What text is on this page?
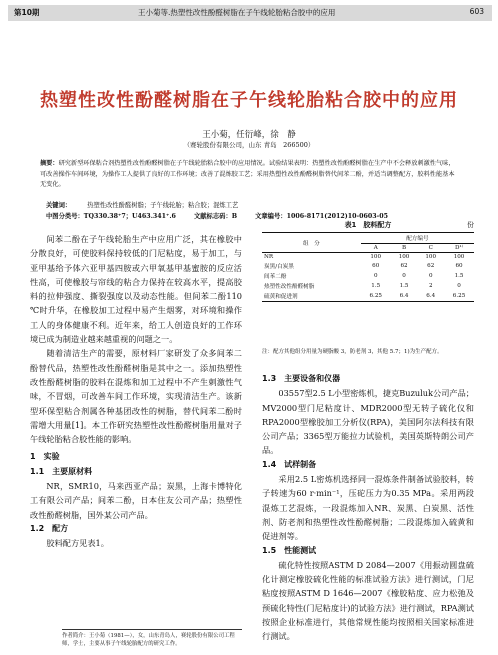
第10期	王小菊等.热塑性改性酚醛树脂在子午线轮胎粘合胶中的应用	603
热塑性改性酚醛树脂在子午线轮胎粘合胶中的应用
王小菊，任衍峰，徐　静
（赛轮股份有限公司，山东 青岛　266500）
摘要：研究新型环保粘合剂热塑性改性酚醛树脂在子午线轮胎粘合胶中的应用情况。试验结果表明：热塑性改性酚醛树脂在生产中不会释放刺激性气味，可改善操作车间环境，为操作工人提供了良好的工作环境；改善了混炼胶工艺；采用热塑性改性酚醛树脂替代间苯二酚，并适当调整配方，胶料性能基本无变化。
关键词：	热塑性改性酚醛树脂；子午线轮胎；粘合胶；混炼工艺
中图分类号：TQ330.38⁺7；U463.341⁺.6	文献标志码：B	文章编号：1006-8171(2012)10-0603-05

间苯二酚在子午线轮胎生产中应用广泛，其在橡胶中分散良好，可使胶料保持较低的门尼粘度，易于加工，与亚甲基给予体六亚甲基四胺或六甲氧基甲基蜜胺的反应活性高，可使橡胶与帘线的粘合力保持在较高水平，提高胶料的拉伸强度、撕裂强度以及动态性能。但间苯二酚110 ℃时升华，在橡胶加工过程中易产生烟雾，对环境和操作工人的身体健康不利。近年来，给工人创造良好的工作环境已成为制造业越来越重视的问题之一。

随着清洁生产的需要，原材料厂家研发了众多间苯二酚替代品，热塑性改性酚醛树脂是其中之一。添加热塑性改性酚醛树脂的胶料在混炼和加工过程中不产生刺激性气味，不冒烟，可改善车间工作环境，实现清洁生产。该新型环保型粘合剂属各种基团改性的树脂，替代间苯二酚时需增大用量[1]。本工作研究热塑性改性酚醛树脂用量对子午线轮胎粘合胶性能的影响。

1　实验
1.1　主要原材料

NR，SMR10，马来西亚产品；炭黑，上海卡博特化工有限公司产品；间苯二酚，日本住友公司产品；热塑性改性酚醛树脂，国外某公司产品。

1.2　配方

胶料配方见表1。

作者简介：王小菊（1981—），女，山东青岛人，赛轮股份有限公司工程师，学士，主要从事子午线轮胎配方的研究工作。
表1　胶料配方	份
组　分	配方编号			
	A	B	C	D¹⁾
NR	100	100	100	100
炭黑/白炭黑	60	62	62	60
间苯二酚	0	0	0	1.5
热塑性改性酚醛树脂	1.5	1.5	2	0
硫黄和促进剂	6.25	6.4	6.4	6.25
注：配方其他组分用量为硬脂酸 3，防老剂 3，其他 5.7；1)为生产配方。
1.3　主要设备和仪器

03557型2.5 L小型密炼机，捷克Buzuluk公司产品；MV2000型门尼粘度计、MDR2000型无转子硫化仪和RPA2000型橡胶加工分析仪(RPA)，美国阿尔法科技有限公司产品；3365型万能拉力试验机，美国英斯特朗公司产品。

1.4　试样制备

采用2.5 L密炼机选择同一混炼条件制备试验胶料，转子转速为60 r·min⁻¹，压砣压力为0.35 MPa。采用两段混炼工艺混炼，一段混炼加入NR、炭黑、白炭黑、活性剂、防老剂和热塑性改性酚醛树脂；二段混炼加入硫黄和促进剂等。

1.5　性能测试

硫化特性按照ASTM D 2084—2007《用振动圆盘硫化计测定橡胶硫化性能的标准试验方法》进行测试，门尼粘度按照ASTM D 1646—2007《橡胶粘度、应力松弛及预硫化特性(门尼粘度计)的试验方法》进行测试，RPA测试按照企业标准进行，其他常规性能均按照相关国家标准进行测试。
